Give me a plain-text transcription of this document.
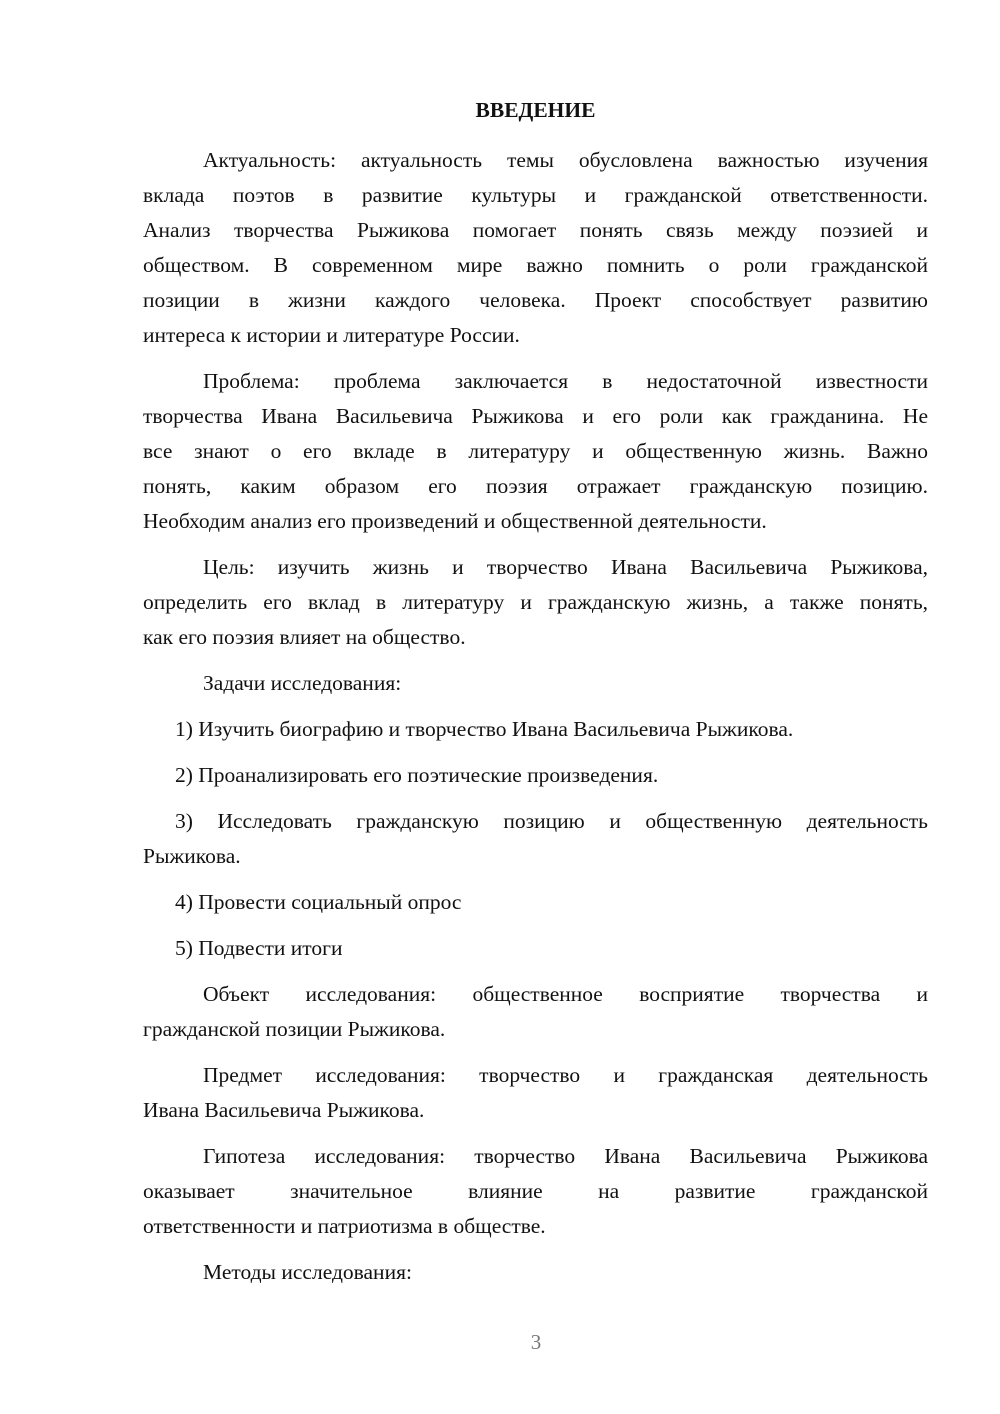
ВВЕДЕНИЕ
Актуальность: актуальность темы обусловлена важностью изучения
вклада поэтов в развитие культуры и гражданской ответственности.
Анализ творчества Рыжикова помогает понять связь между поэзией и
обществом. В современном мире важно помнить о роли гражданской
позиции в жизни каждого человека. Проект способствует развитию
интереса к истории и литературе России.
Проблема: проблема заключается в недостаточной известности
творчества Ивана Васильевича Рыжикова и его роли как гражданина. Не
все знают о его вкладе в литературу и общественную жизнь. Важно
понять, каким образом его поэзия отражает гражданскую позицию.
Необходим анализ его произведений и общественной деятельности.
Цель: изучить жизнь и творчество Ивана Васильевича Рыжикова,
определить его вклад в литературу и гражданскую жизнь, а также понять,
как его поэзия влияет на общество.
Задачи исследования:
1) Изучить биографию и творчество Ивана Васильевича Рыжикова.
2) Проанализировать его поэтические произведения.
3) Исследовать гражданскую позицию и общественную деятельность
Рыжикова.
4) Провести социальный опрос
5) Подвести итоги
Объект исследования: общественное восприятие творчества и
гражданской позиции Рыжикова.
Предмет исследования: творчество и гражданская деятельность
Ивана Васильевича Рыжикова.
Гипотеза исследования: творчество Ивана Васильевича Рыжикова
оказывает значительное влияние на развитие гражданской
ответственности и патриотизма в обществе.
Методы исследования:
3
